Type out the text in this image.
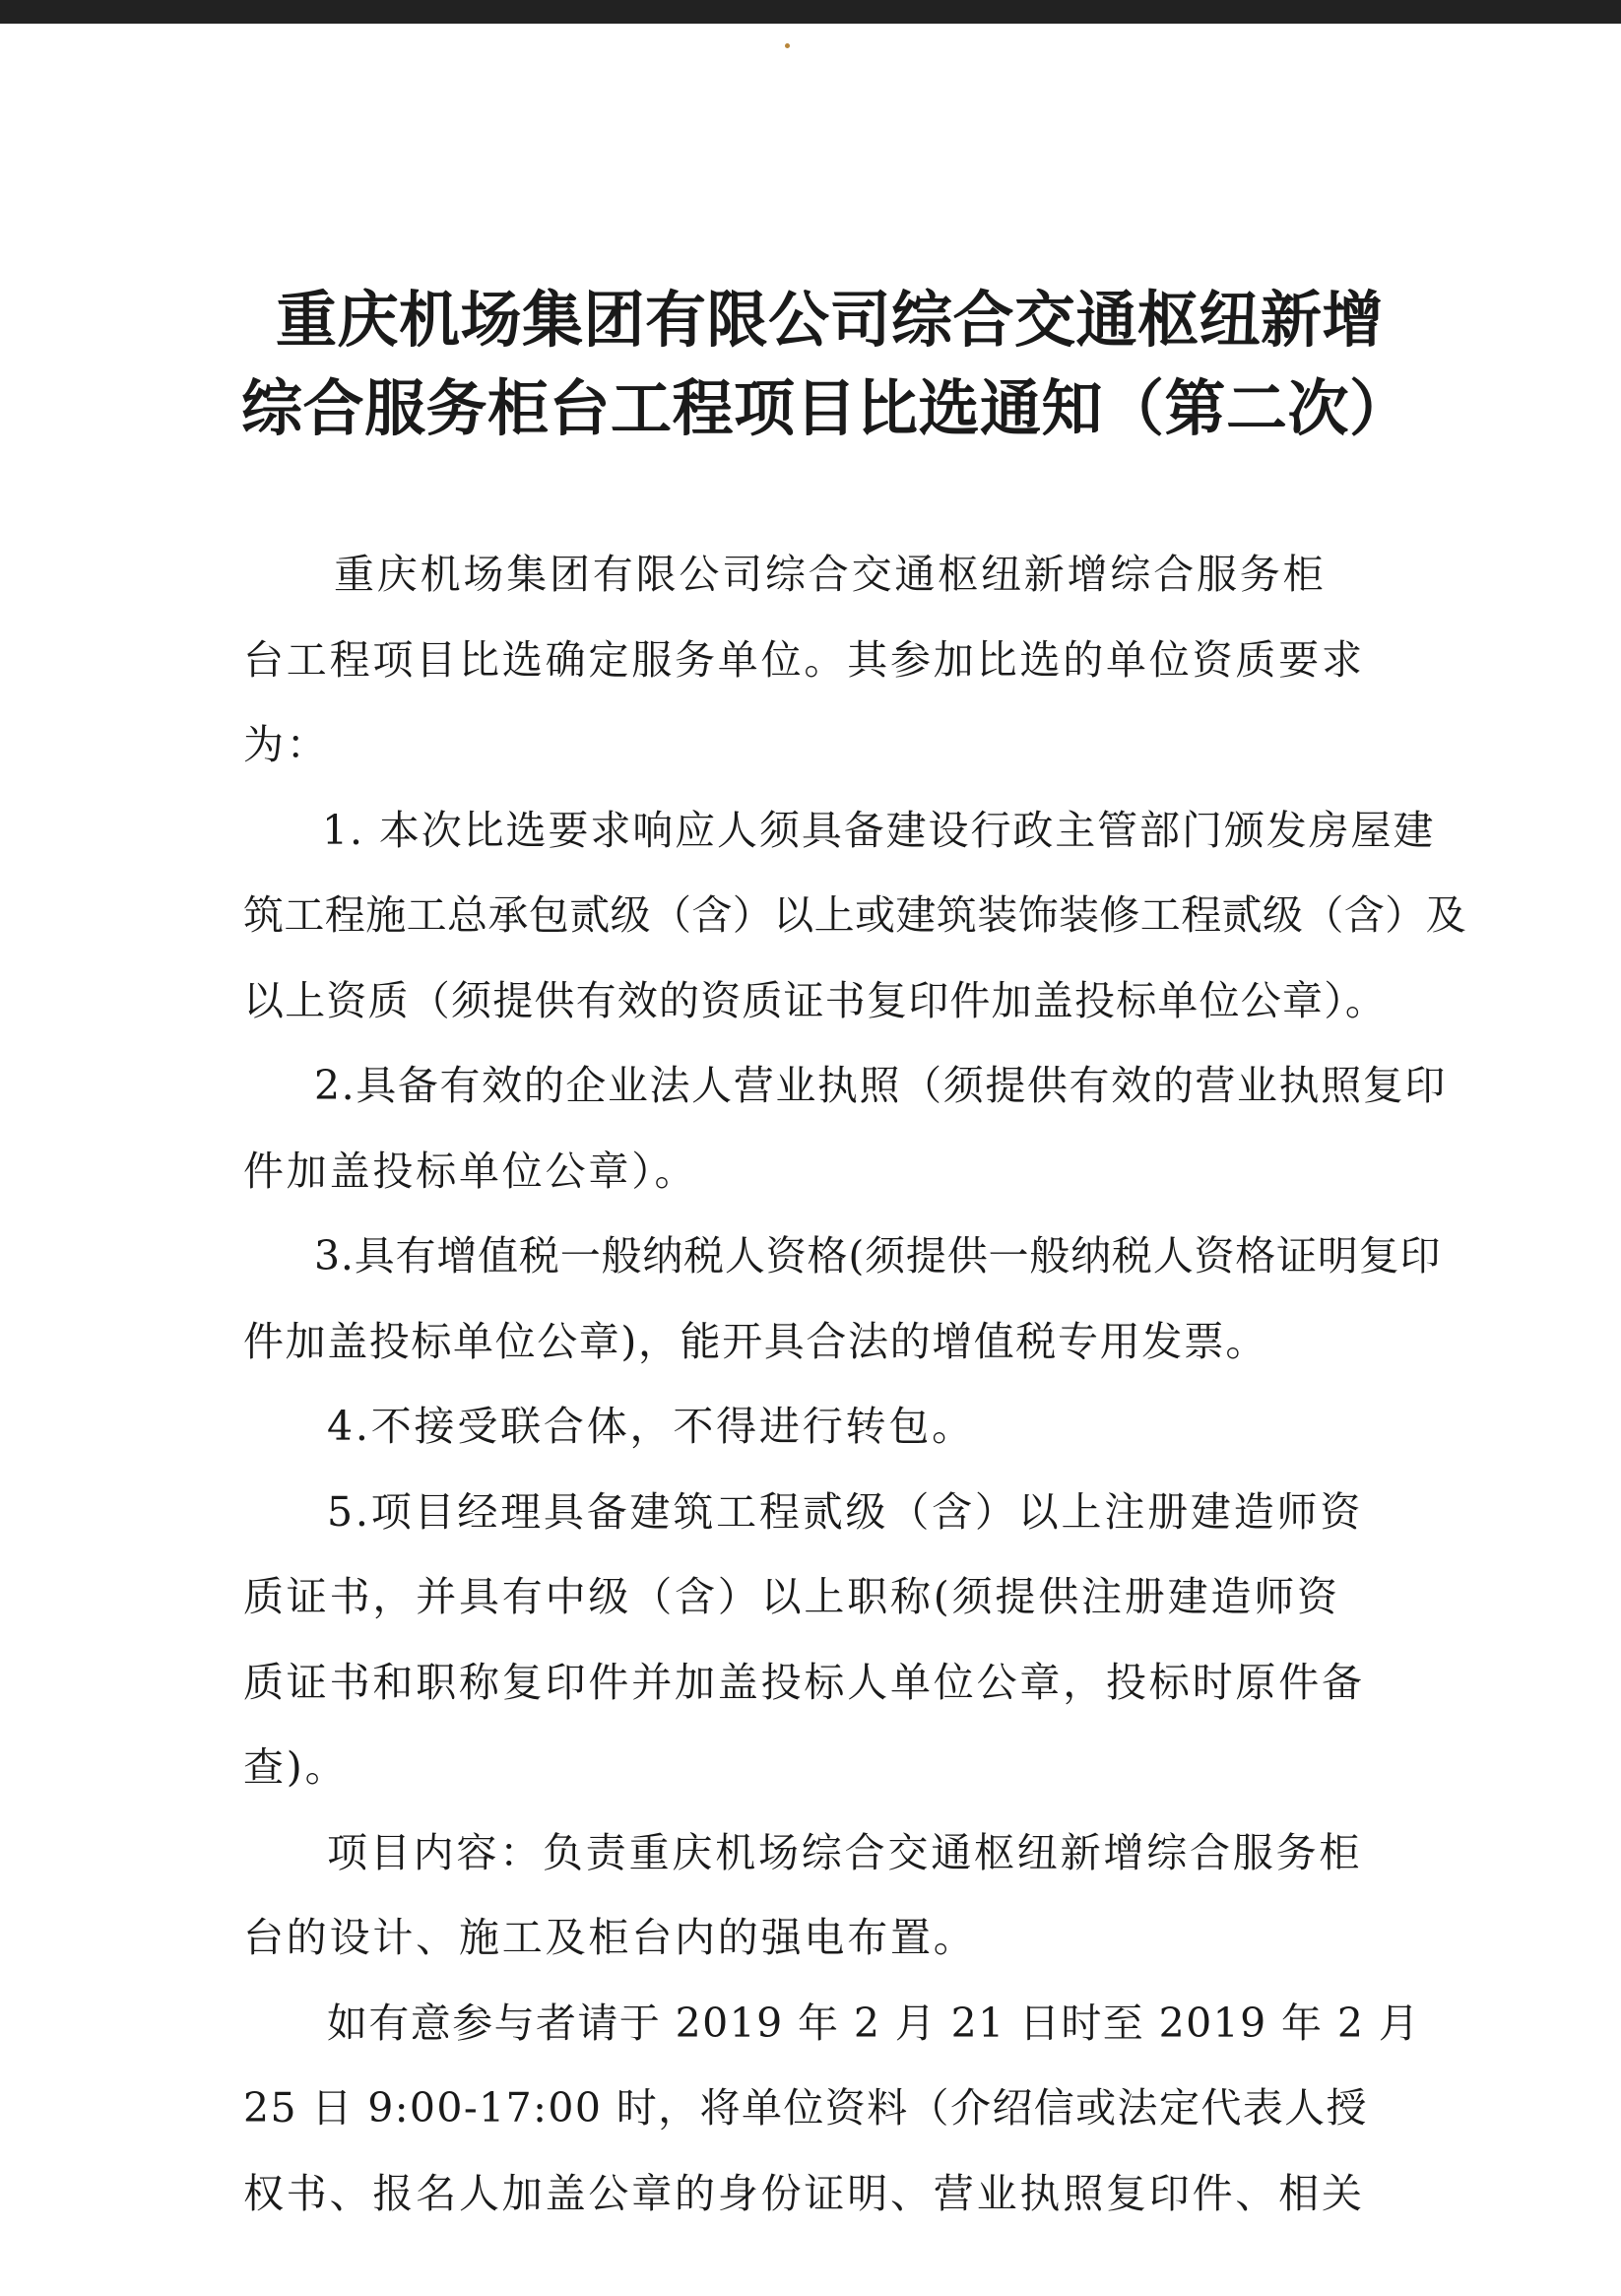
重庆机场集团有限公司综合交通枢纽新增
综合服务柜台工程项目比选通知（第二次）
重庆机场集团有限公司综合交通枢纽新增综合服务柜
台工程项目比选确定服务单位。其参加比选的单位资质要求
为：
1. 本次比选要求响应人须具备建设行政主管部门颁发房屋建
筑工程施工总承包贰级（含）以上或建筑装饰装修工程贰级（含）及
以上资质（须提供有效的资质证书复印件加盖投标单位公章）。
2.具备有效的企业法人营业执照（须提供有效的营业执照复印
件加盖投标单位公章）。
3.具有增值税一般纳税人资格(须提供一般纳税人资格证明复印
件加盖投标单位公章)，能开具合法的增值税专用发票。
4.不接受联合体，不得进行转包。
5.项目经理具备建筑工程贰级（含）以上注册建造师资
质证书，并具有中级（含）以上职称(须提供注册建造师资
质证书和职称复印件并加盖投标人单位公章，投标时原件备
查)。
项目内容：负责重庆机场综合交通枢纽新增综合服务柜
台的设计、施工及柜台内的强电布置。
如有意参与者请于 2019 年 2 月 21 日时至 2019 年 2 月
25 日 9:00-17:00 时，将单位资料（介绍信或法定代表人授
权书、报名人加盖公章的身份证明、营业执照复印件、相关
